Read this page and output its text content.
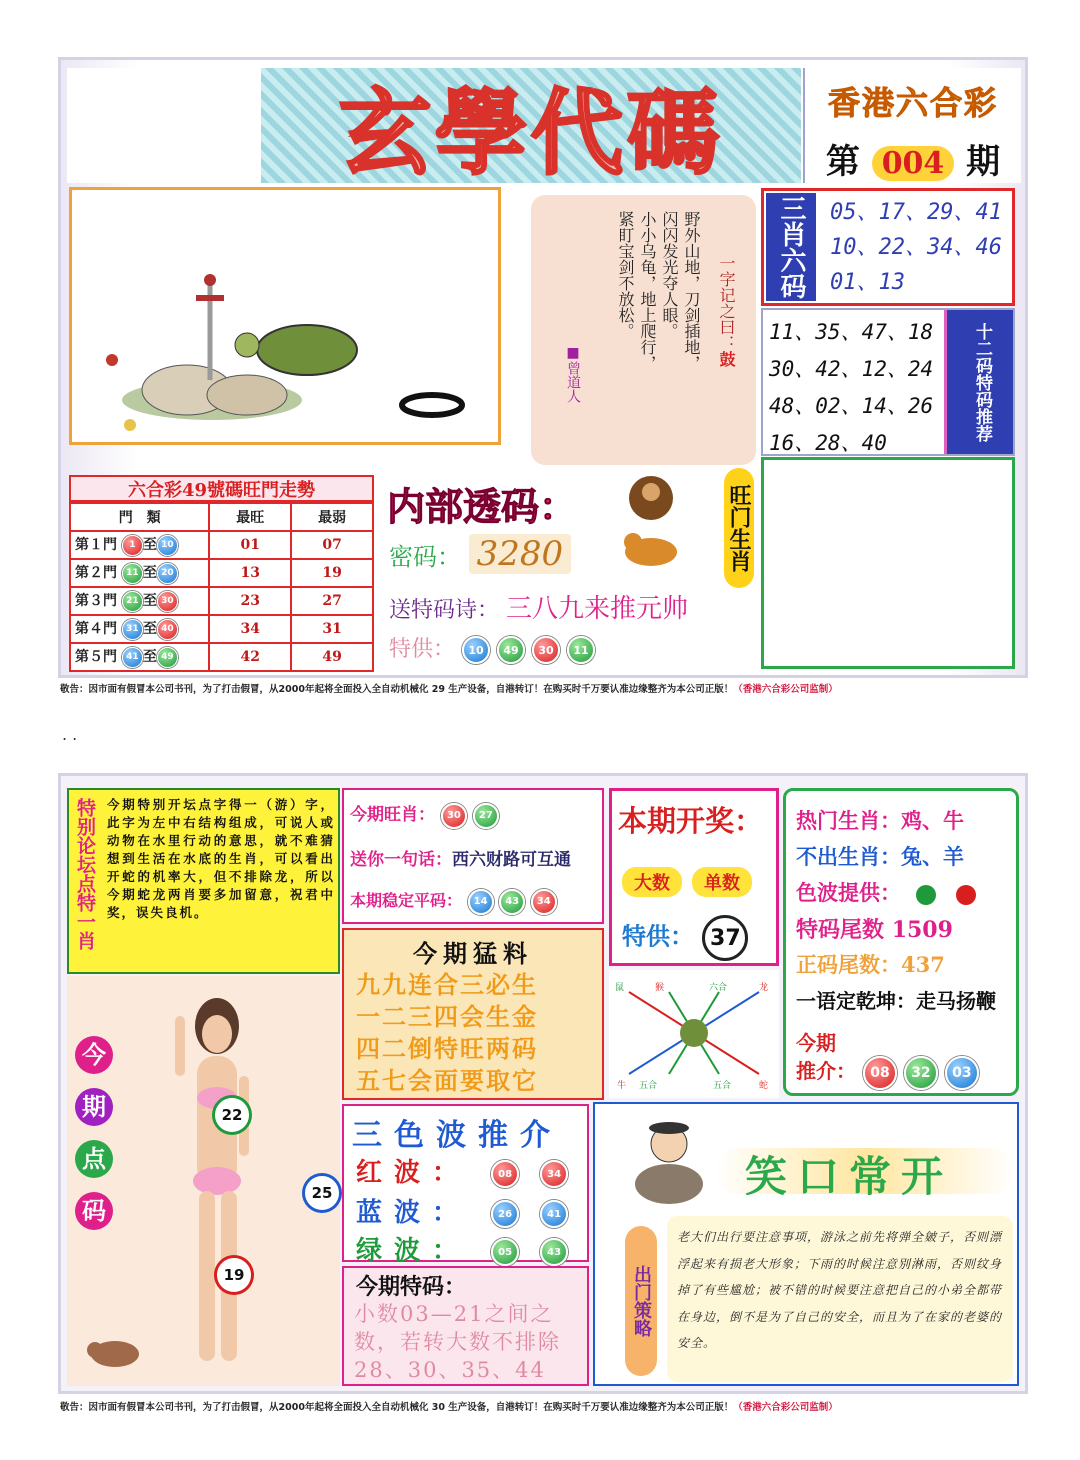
玄學代碼	香港六合彩
第 004 期
一字记之曰：鼓
野外山地，刀剑插地，
闪闪发光夺人眼。
小小乌龟，地上爬行，
紧盯宝剑不放松。
■曾道人
三肖六码	05、17、29、41
10、22、34、46
01、13
11、35、47、18
30、42、12、24
48、02、14、26
16、28、40
十二码特码推荐
六合彩49號碼旺門走勢
門　類	最旺	最弱
第１門 1 至 10	01	07
第２門 11 至 20	13	19
第３門 21 至 30	23	27
第４門 31 至 40	34	31
第５門 41 至 49	42	49
内部透码：
密码： 3280
送特码诗： 三八九来推元帅
特供： 10 49 30 11
旺门生肖
敬告：因市面有假冒本公司书刊，为了打击假冒，从2000年起将全面投入全自动机械化 29 生产设备，自港转订！在购买时千万要认准边缘整齐为本公司正版！（香港六合彩公司监制）
. .
特别论坛点特一肖 今期特别开坛点字得一（游）字，此字为左中右结构组成，可说人或动物在水里行动的意思，就不难猜想到生活在水底的生肖，可以看出开蛇的机率大，但不排除龙，所以今期蛇龙两肖要多加留意，祝君中奖，误失良机。
今期旺肖： 30 27
送你一句话：西六财路可互通
本期稳定平码： 14 43 34
本期开奖：
大数	单数
特供： 37
热门生肖：鸡、牛
不出生肖：兔、羊
色波提供：
特码尾数 1509
正码尾数：437
一语定乾坤：走马扬鞭
今期
推介： 08 32 03
今期猛料
九九连合三必生
一二三四会生金
四二倒特旺两码
五七会面要取它
鼠	猴	六合	龙
牛 五合	五合	蛇
今
期
点
码
22
25
19
三色波推介
红波：	08	34
蓝波：	26	41
绿波：	05	43
今期特码：
小数03—21之间之数，若转大数不排除28、30、35、44
笑口常开
出门策略
老大们出行要注意事项，游泳之前先将弹全皴子，否则漂浮起来有损老大形象；下雨的时候注意别淋雨，否则纹身掉了有些尴尬；被不错的时候要注意把自己的小弟全都带在身边，倒不是为了自己的安全，而且为了在家的老婆的安全。
敬告：因市面有假冒本公司书刊，为了打击假冒，从2000年起将全面投入全自动机械化 30 生产设备，自港转订！在购买时千万要认准边缘整齐为本公司正版！（香港六合彩公司监制）
